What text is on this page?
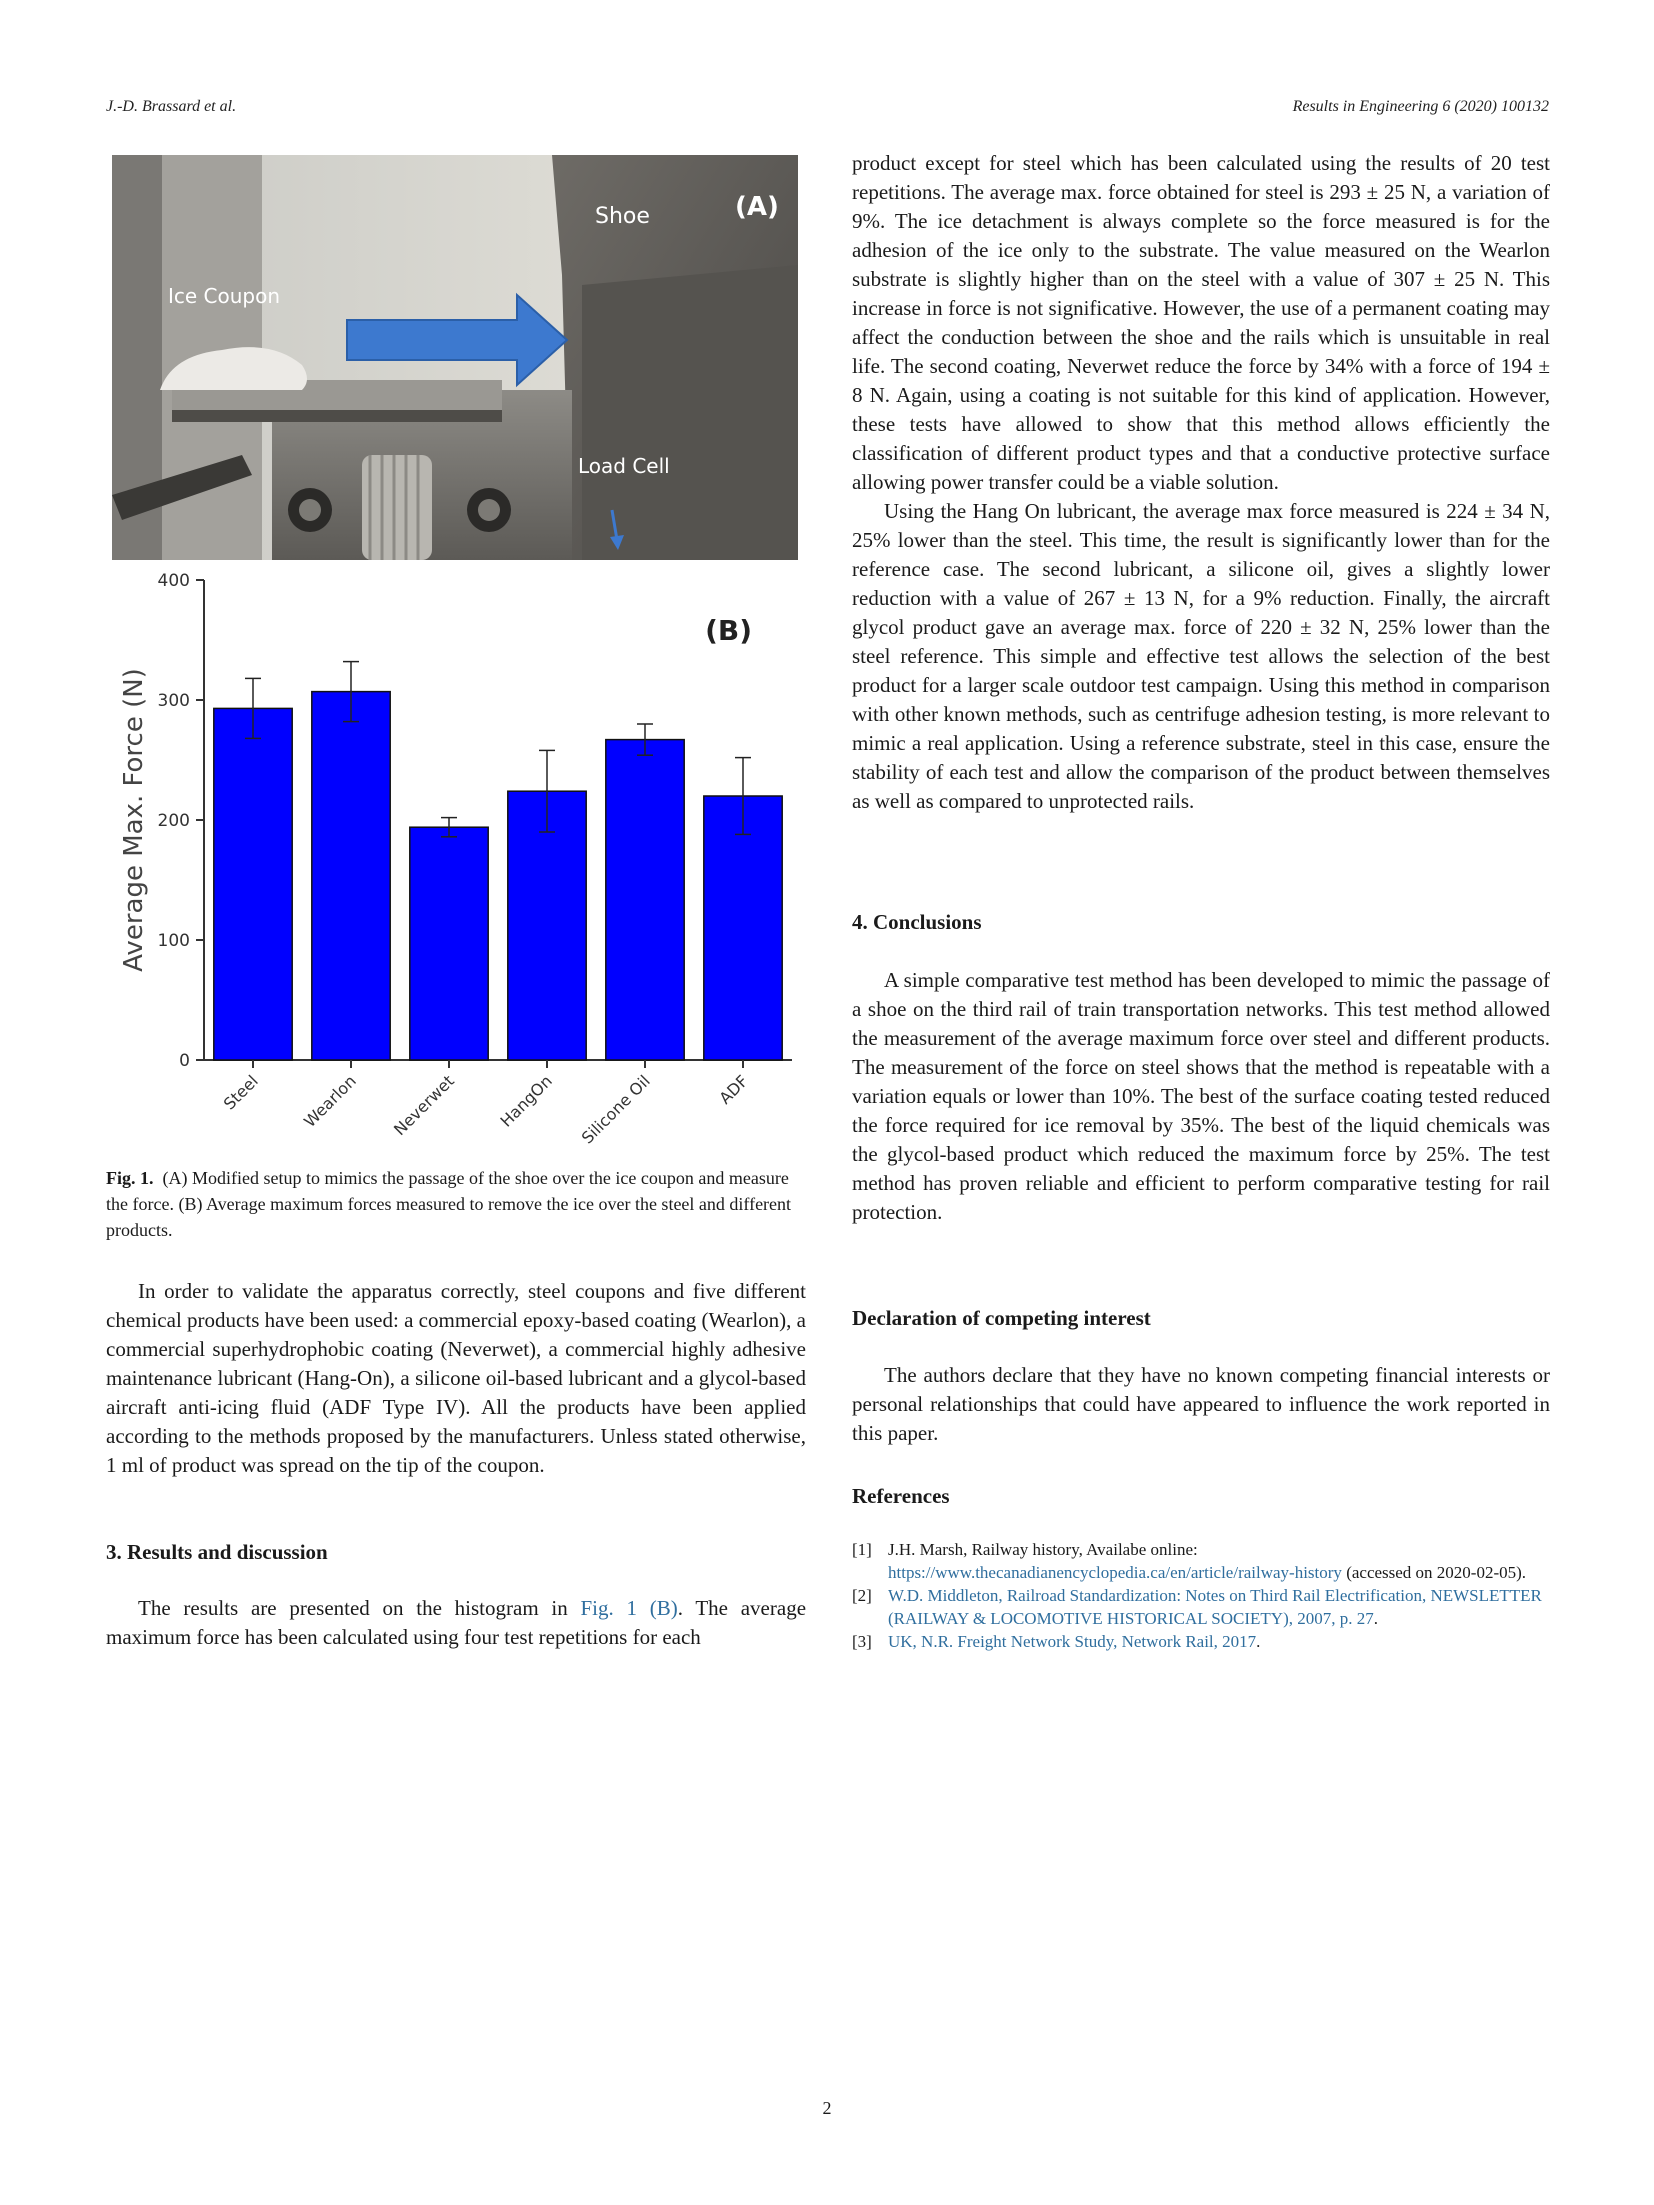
J.-D. Brassard et al.	Results in Engineering 6 (2020) 100132
Shoe	(A)
Ice Coupon
Load Cell
(B)
Average Max. Force (N)
0
100
200
300
400
Steel Wearlon Neverwet HangOn Silicone Oil	ADF
Fig. 1. (A) Modified setup to mimics the passage of the shoe over the ice coupon and measure the force. (B) Average maximum forces measured to remove the ice over the steel and different products.

In order to validate the apparatus correctly, steel coupons and five different chemical products have been used: a commercial epoxy-based coating (Wearlon), a commercial superhydrophobic coating (Neverwet), a commercial highly adhesive maintenance lubricant (Hang-On), a silicone oil-based lubricant and a glycol-based aircraft anti-icing fluid (ADF Type IV). All the products have been applied according to the methods proposed by the manufacturers. Unless stated otherwise, 1 ml of product was spread on the tip of the coupon.

3. Results and discussion

The results are presented on the histogram in Fig. 1 (B). The average maximum force has been calculated using four test repetitions for each

product except for steel which has been calculated using the results of 20 test repetitions. The average max. force obtained for steel is 293 ± 25 N, a variation of 9%. The ice detachment is always complete so the force measured is for the adhesion of the ice only to the substrate. The value measured on the Wearlon substrate is slightly higher than on the steel with a value of 307 ± 25 N. This increase in force is not significative. However, the use of a permanent coating may affect the conduction between the shoe and the rails which is unsuitable in real life. The second coating, Neverwet reduce the force by 34% with a force of 194 ± 8 N. Again, using a coating is not suitable for this kind of application. However, these tests have allowed to show that this method allows efficiently the classification of different product types and that a conductive protective surface allowing power transfer could be a viable solution.

Using the Hang On lubricant, the average max force measured is 224 ± 34 N, 25% lower than the steel. This time, the result is significantly lower than for the reference case. The second lubricant, a silicone oil, gives a slightly lower reduction with a value of 267 ± 13 N, for a 9% reduction. Finally, the aircraft glycol product gave an average max. force of 220 ± 32 N, 25% lower than the steel reference. This simple and effective test allows the selection of the best product for a larger scale outdoor test campaign. Using this method in comparison with other known methods, such as centrifuge adhesion testing, is more relevant to mimic a real application. Using a reference substrate, steel in this case, ensure the stability of each test and allow the comparison of the product between themselves as well as compared to unprotected rails.

4. Conclusions

A simple comparative test method has been developed to mimic the passage of a shoe on the third rail of train transportation networks. This test method allowed the measurement of the average maximum force over steel and different products. The measurement of the force on steel shows that the method is repeatable with a variation equals or lower than 10%. The best of the surface coating tested reduced the force required for ice removal by 35%. The best of the liquid chemicals was the glycol-based product which reduced the maximum force by 25%. The test method has proven reliable and efficient to perform comparative testing for rail protection.

Declaration of competing interest

The authors declare that they have no known competing financial interests or personal relationships that could have appeared to influence the work reported in this paper.

References

[1] J.H. Marsh, Railway history, Availabe online: https://www.thecanadianencyclopedia.ca/en/article/railway-history (accessed on 2020-02-05).

[2] W.D. Middleton, Railroad Standardization: Notes on Third Rail Electrification, NEWSLETTER (RAILWAY & LOCOMOTIVE HISTORICAL SOCIETY), 2007, p. 27.

[3] UK, N.R. Freight Network Study, Network Rail, 2017.

2
